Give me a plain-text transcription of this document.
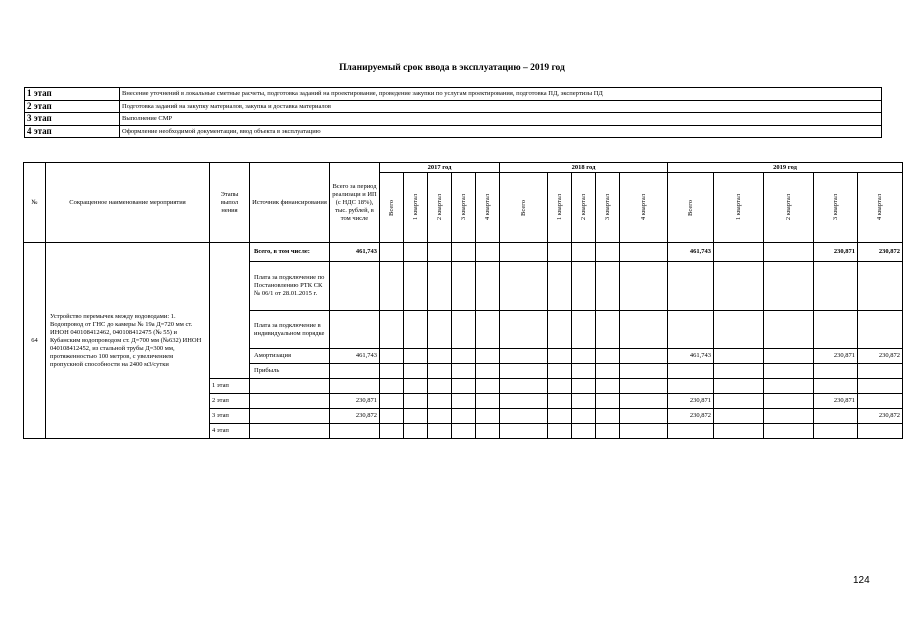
Планируемый срок ввода в эксплуатацию – 2019 год
1 этап	Внесение уточнений в локальные сметные расчеты, подготовка заданий на проектирование, проведение закупки по услугам проектирования, подготовка ПД, экспертизы ПД
2 этап	Подготовка заданий на закупку материалов, закупка и доставка материалов
3 этап	Выполнение СМР
4 этап	Оформление необходимой документации, ввод объекта в эксплуатацию
№	Сокращенное наименование мероприятия	Этапы выпол нения	Источник финансирования	Всего за период реализаци и ИП (с НДС 18%), тыс. рублей, в том числе	2017 год					2018 год					2019 год				

					Всего	1 квартал	2 квартал	3 квартал	4 квартал	Всего	1 квартал	2 квартал	3 квартал	4 квартал	Всего	1 квартал	2 квартал	3 квартал	4 квартал

64	Устройство перемычек между водоводами: 1. Водопровод от ГНС до камеры № 19а Д=720 мм ст. ИНОН 040108412462, 040108412475 (№ 55) и Кубанским водопроводом ст. Д=700 мм (№632) ИНОН 040108412452, из стальной трубы Д=300 мм, протяженностью 100 метров, с увеличением пропускной способности на 2400 м3/сутки		Всего, в том числе:	461,743											461,743			230,871	230,872
			Плата за подключение по Постановлению РТК СК № 06/1 от 28.01.2015 г.																
			Плата за подключение в индивидуальном порядке																
			Амортизация	461,743											461,743			230,871	230,872
			Прибыль																
		1 этап																	
		2 этап		230,871											230,871			230,871	
		3 этап		230,872											230,872				230,872
		4 этап																	
124
